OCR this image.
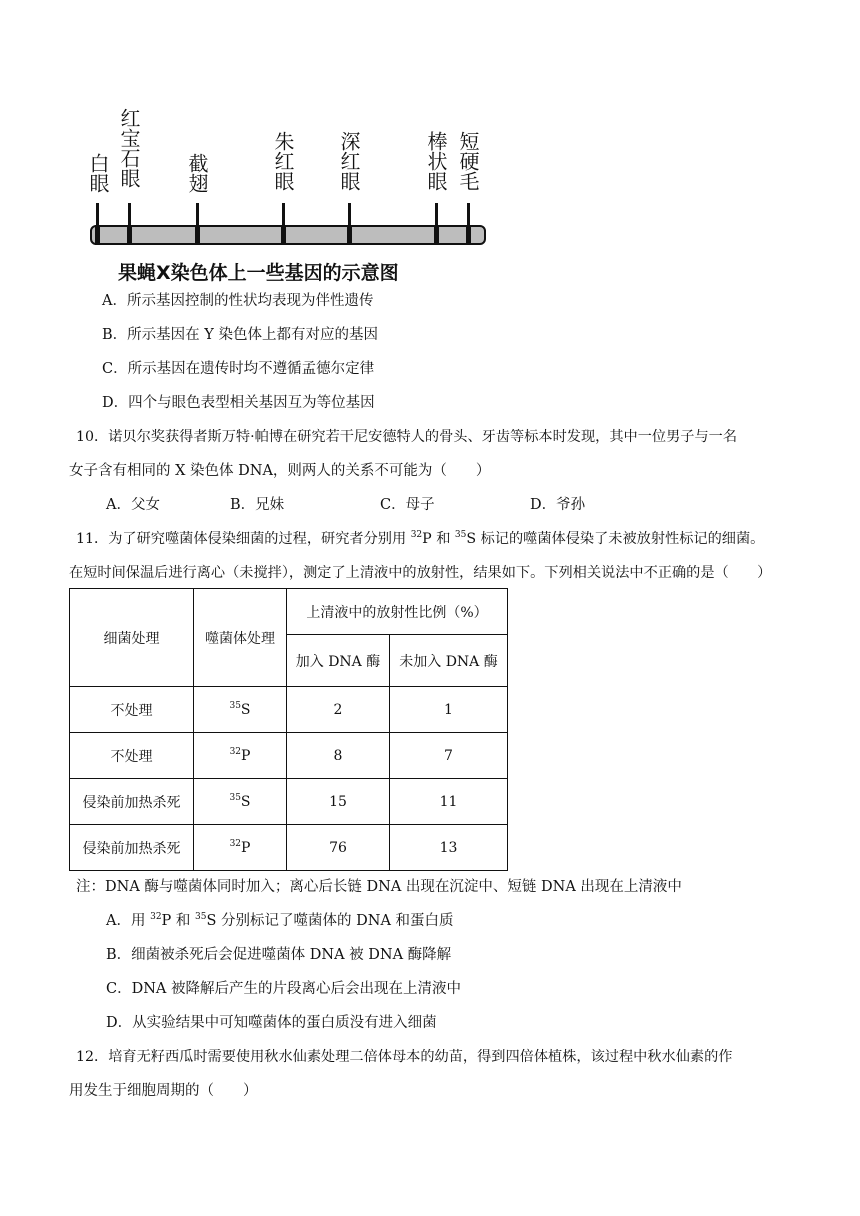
白眼 红宝石眼 截翅	朱红眼 深红眼	棒状眼 短硬毛
果蝇X染色体上一些基因的示意图
A．所示基因控制的性状均表现为伴性遗传
B．所示基因在 Y 染色体上都有对应的基因
C．所示基因在遗传时均不遵循孟德尔定律
D．四个与眼色表型相关基因互为等位基因
10．诺贝尔奖获得者斯万特·帕博在研究若干尼安德特人的骨头、牙齿等标本时发现，其中一位男子与一名
女子含有相同的 X 染色体 DNA，则两人的关系不可能为（　　）
A．父女	B．兄妹	C．母子	D．爷孙
11．为了研究噬菌体侵染细菌的过程，研究者分别用 $^{32}$P 和 $^{35}$S 标记的噬菌体侵染了未被放射性标记的细菌。
在短时间保温后进行离心（未搅拌），测定了上清液中的放射性，结果如下。下列相关说法中不正确的是（　　）
细菌处理	噬菌体处理	上清液中的放射性比例（%）	
		加入 DNA 酶	未加入 DNA 酶
不处理	$^{35}$S	2	1
不处理	$^{32}$P	8	7
侵染前加热杀死	$^{35}$S	15	11
侵染前加热杀死	$^{32}$P	76	13
注：DNA 酶与噬菌体同时加入；离心后长链 DNA 出现在沉淀中、短链 DNA 出现在上清液中
A．用 $^{32}$P 和 $^{35}$S 分别标记了噬菌体的 DNA 和蛋白质
B．细菌被杀死后会促进噬菌体 DNA 被 DNA 酶降解
C．DNA 被降解后产生的片段离心后会出现在上清液中
D．从实验结果中可知噬菌体的蛋白质没有进入细菌
12．培育无籽西瓜时需要使用秋水仙素处理二倍体母本的幼苗，得到四倍体植株，该过程中秋水仙素的作
用发生于细胞周期的（　　）
